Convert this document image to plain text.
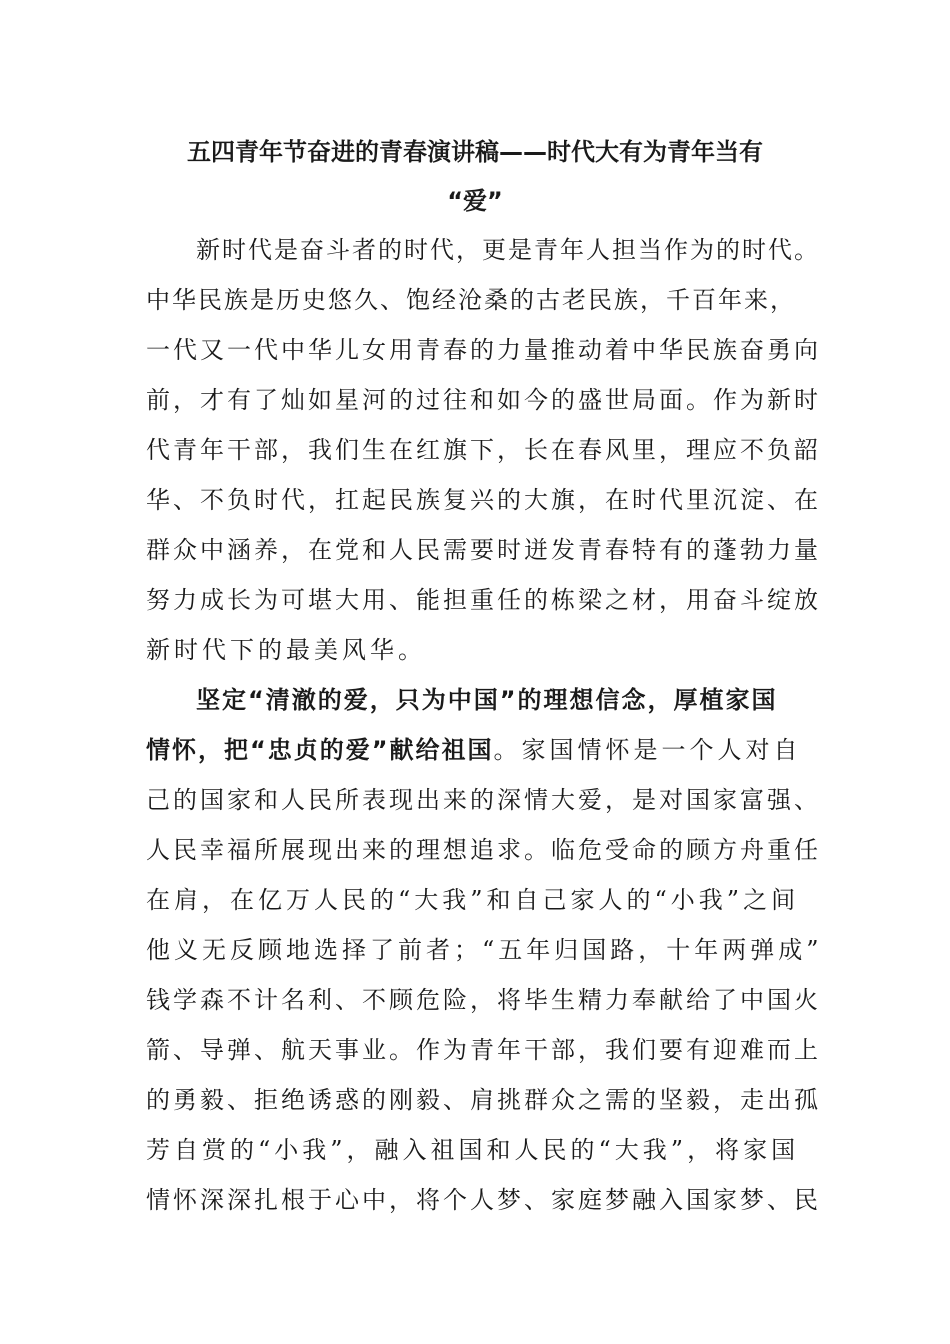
五四青年节奋进的青春演讲稿——时代大有为青年当有
“爱”

新时代是奋斗者的时代，更是青年人担当作为的时代。

中华民族是历史悠久、饱经沧桑的古老民族，千百年来，

一代又一代中华儿女用青春的力量推动着中华民族奋勇向

前，才有了灿如星河的过往和如今的盛世局面。作为新时

代青年干部，我们生在红旗下，长在春风里，理应不负韶

华、不负时代，扛起民族复兴的大旗，在时代里沉淀、在

群众中涵养，在党和人民需要时迸发青春特有的蓬勃力量

努力成长为可堪大用、能担重任的栋梁之材，用奋斗绽放

新时代下的最美风华。

坚定“清澈的爱，只为中国”的理想信念，厚植家国

情怀，把“忠贞的爱”献给祖国。家国情怀是一个人对自

己的国家和人民所表现出来的深情大爱，是对国家富强、

人民幸福所展现出来的理想追求。临危受命的顾方舟重任

在肩，在亿万人民的“大我”和自己家人的“小我”之间

他义无反顾地选择了前者；“五年归国路，十年两弹成”

钱学森不计名利、不顾危险，将毕生精力奉献给了中国火

箭、导弹、航天事业。作为青年干部，我们要有迎难而上

的勇毅、拒绝诱惑的刚毅、肩挑群众之需的坚毅，走出孤

芳自赏的“小我”，融入祖国和人民的“大我”，将家国

情怀深深扎根于心中，将个人梦、家庭梦融入国家梦、民
